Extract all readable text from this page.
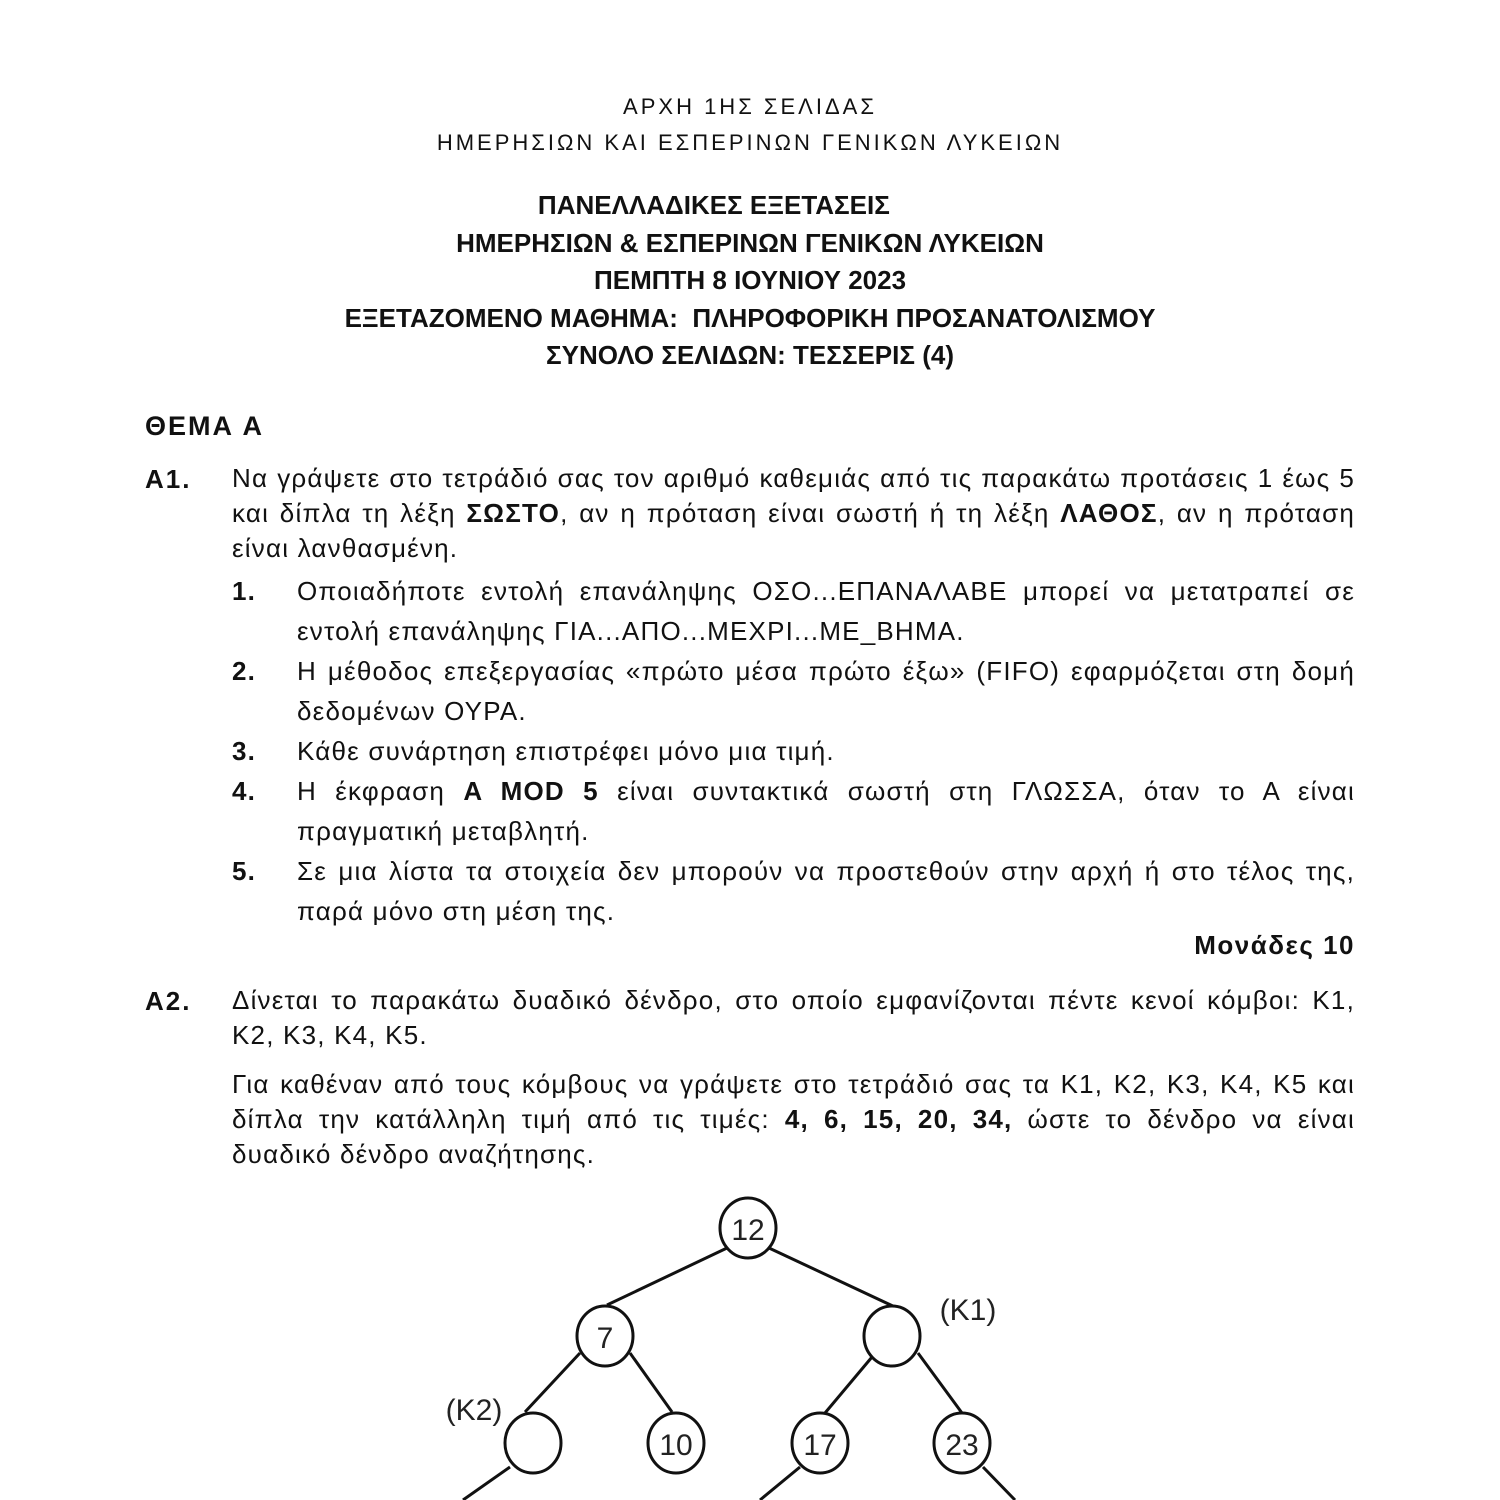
ΑΡΧΗ 1ΗΣ ΣΕΛΙΔΑΣ
ΗΜΕΡΗΣΙΩΝ ΚΑΙ ΕΣΠΕΡΙΝΩΝ ΓΕΝΙΚΩΝ ΛΥΚΕΙΩΝ
ΠΑΝΕΛΛΑΔΙΚΕΣ ΕΞΕΤΑΣΕΙΣ
ΗΜΕΡΗΣΙΩΝ & ΕΣΠΕΡΙΝΩΝ ΓΕΝΙΚΩΝ ΛΥΚΕΙΩΝ
ΠΕΜΠΤΗ 8 ΙΟΥΝΙΟΥ 2023
ΕΞΕΤΑΖΟΜΕΝΟ ΜΑΘΗΜΑ:  ΠΛΗΡΟΦΟΡΙΚΗ ΠΡΟΣΑΝΑΤΟΛΙΣΜΟΥ
ΣΥΝΟΛΟ ΣΕΛΙΔΩΝ: ΤΕΣΣΕΡΙΣ (4)
ΘΕΜΑ Α
Α1. Να γράψετε στο τετράδιό σας τον αριθμό καθεμιάς από τις παρακάτω προτάσεις 1 έως 5 και δίπλα τη λέξη ΣΩΣΤΟ, αν η πρόταση είναι σωστή ή τη λέξη ΛΑΘΟΣ, αν η πρόταση είναι λανθασμένη.
1. Οποιαδήποτε εντολή επανάληψης ΟΣΟ...ΕΠΑΝΑΛΑΒΕ μπορεί να μετατραπεί σε εντολή επανάληψης ΓΙΑ...ΑΠΟ...ΜΕΧΡΙ...ΜΕ_ΒΗΜΑ.
2. Η μέθοδος επεξεργασίας «πρώτο μέσα πρώτο έξω» (FIFO) εφαρμόζεται στη δομή δεδομένων ΟΥΡΑ.
3. Κάθε συνάρτηση επιστρέφει μόνο μια τιμή.
4. Η έκφραση A MOD 5 είναι συντακτικά σωστή στη ΓΛΩΣΣΑ, όταν το Α είναι πραγματική μεταβλητή.
5. Σε μια λίστα τα στοιχεία δεν μπορούν να προστεθούν στην αρχή ή στο τέλος της, παρά μόνο στη μέση της.
Μονάδες 10
Α2. Δίνεται το παρακάτω δυαδικό δένδρο, στο οποίο εμφανίζονται πέντε κενοί κόμβοι: Κ1, Κ2, Κ3, Κ4, Κ5.
Για καθέναν από τους κόμβους να γράψετε στο τετράδιό σας τα Κ1, Κ2, Κ3, Κ4, Κ5 και δίπλα την κατάλληλη τιμή από τις τιμές: 4, 6, 15, 20, 34, ώστε το δένδρο να είναι δυαδικό δένδρο αναζήτησης.
12
7
10	17	23
(K1)
(K2)
